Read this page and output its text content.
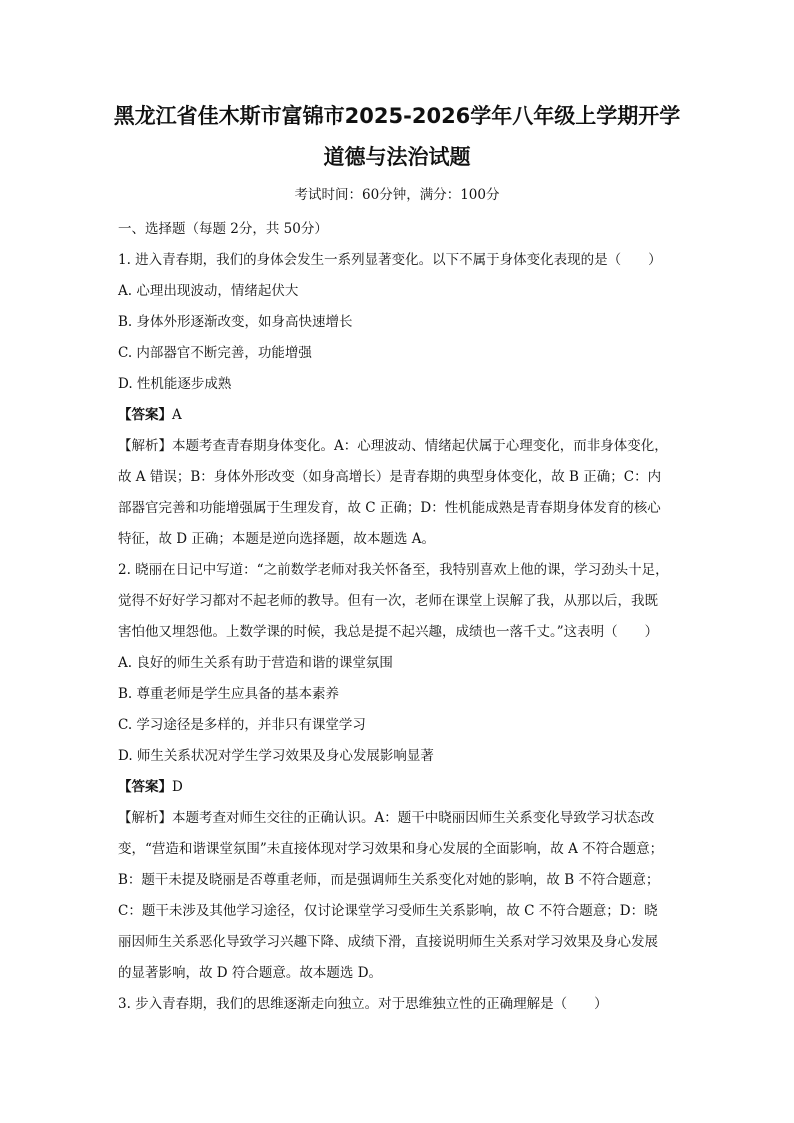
黑龙江省佳木斯市富锦市2025-2026学年八年级上学期开学
道德与法治试题
考试时间：60分钟，满分：100分
一、选择题（每题 2分，共 50分）
1. 进入青春期，我们的身体会发生一系列显著变化。以下不属于身体变化表现的是（　　）
A. 心理出现波动，情绪起伏大
B. 身体外形逐渐改变，如身高快速增长
C. 内部器官不断完善，功能增强
D. 性机能逐步成熟
【答案】A
【解析】本题考查青春期身体变化。A：心理波动、情绪起伏属于心理变化，而非身体变化，
故 A 错误；B：身体外形改变（如身高增长）是青春期的典型身体变化，故 B 正确；C：内
部器官完善和功能增强属于生理发育，故 C 正确；D：性机能成熟是青春期身体发育的核心
特征，故 D 正确；本题是逆向选择题，故本题选 A。
2. 晓丽在日记中写道：“之前数学老师对我关怀备至，我特别喜欢上他的课，学习劲头十足，
觉得不好好学习都对不起老师的教导。但有一次，老师在课堂上误解了我，从那以后，我既
害怕他又埋怨他。上数学课的时候，我总是提不起兴趣，成绩也一落千丈。”这表明（　　）
A. 良好的师生关系有助于营造和谐的课堂氛围
B. 尊重老师是学生应具备的基本素养
C. 学习途径是多样的，并非只有课堂学习
D. 师生关系状况对学生学习效果及身心发展影响显著
【答案】D
【解析】本题考查对师生交往的正确认识。A：题干中晓丽因师生关系变化导致学习状态改
变，“营造和谐课堂氛围”未直接体现对学习效果和身心发展的全面影响，故 A 不符合题意；
B：题干未提及晓丽是否尊重老师，而是强调师生关系变化对她的影响，故 B 不符合题意；
C：题干未涉及其他学习途径，仅讨论课堂学习受师生关系影响，故 C 不符合题意；D：晓
丽因师生关系恶化导致学习兴趣下降、成绩下滑，直接说明师生关系对学习效果及身心发展
的显著影响，故 D 符合题意。故本题选 D。
3. 步入青春期，我们的思维逐渐走向独立。对于思维独立性的正确理解是（　　）
